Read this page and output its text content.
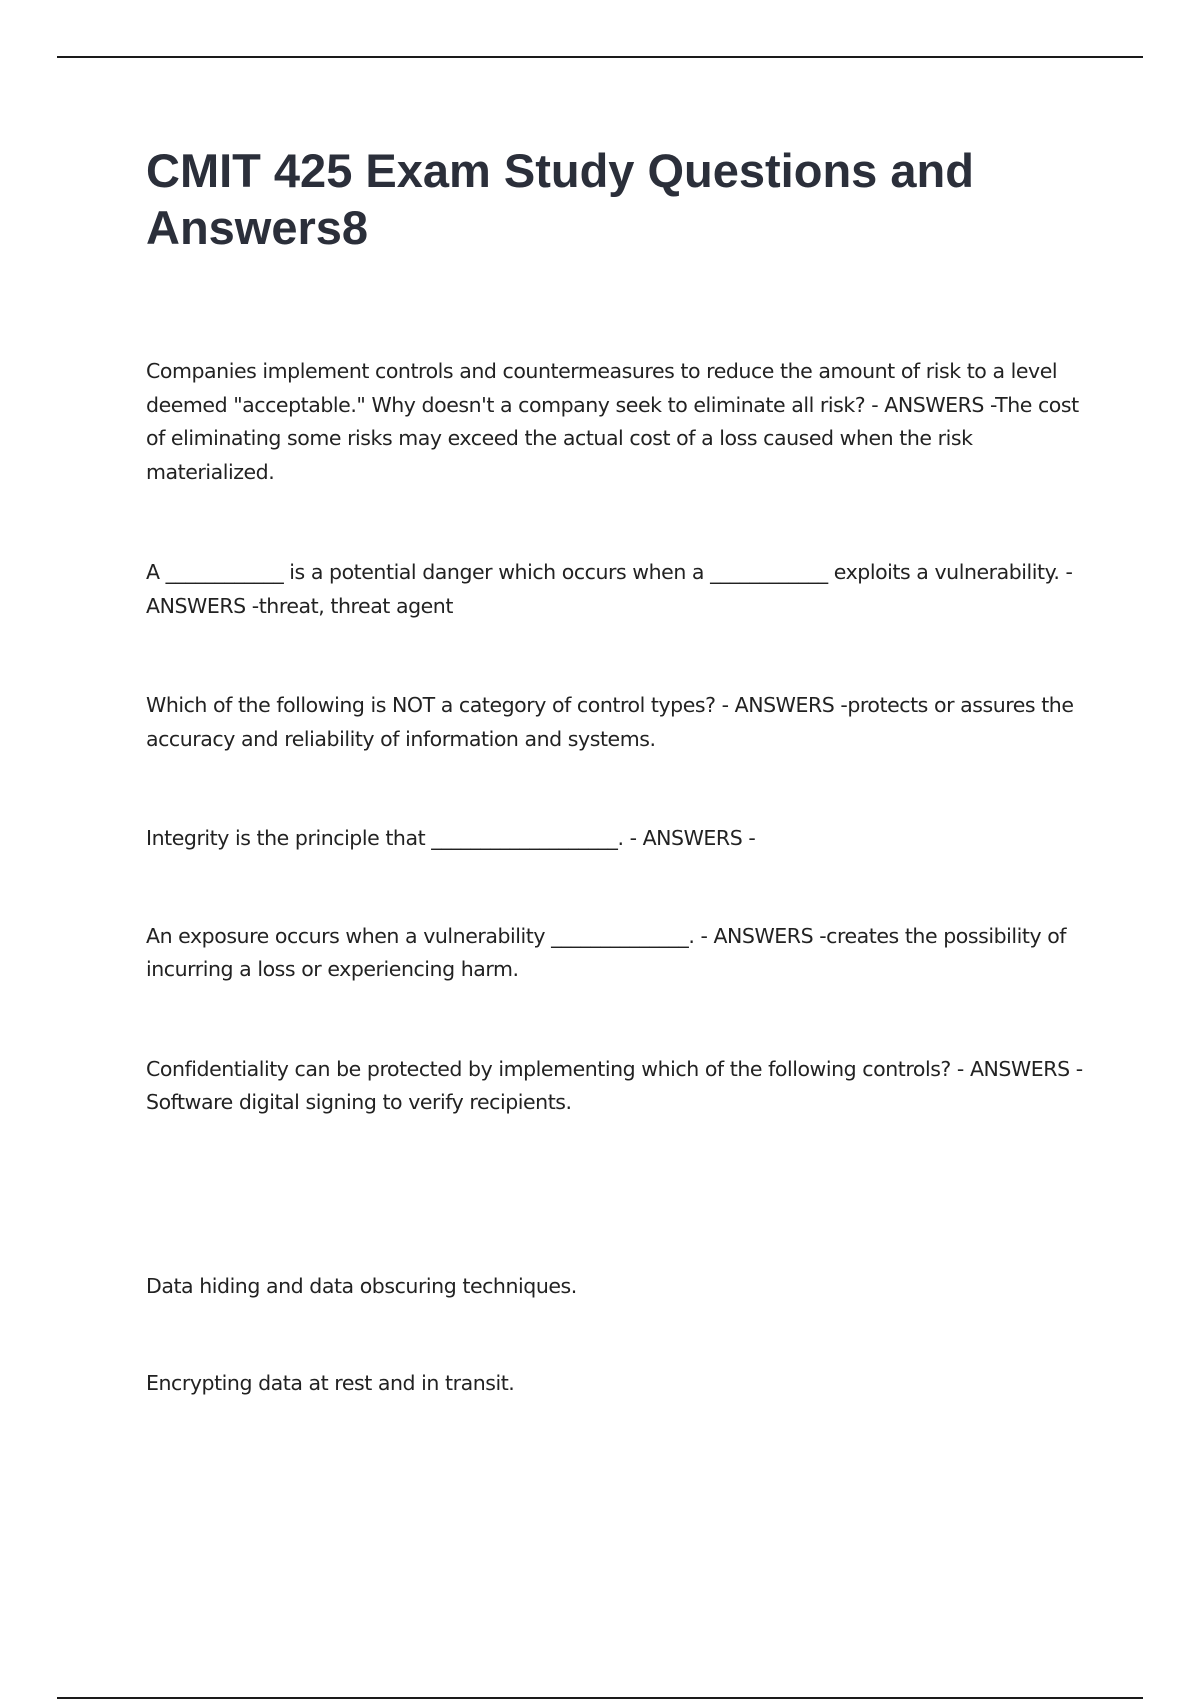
CMIT 425 Exam Study Questions and Answers8

Companies implement controls and countermeasures to reduce the amount of risk to a level deemed "acceptable." Why doesn't a company seek to eliminate all risk? - ANSWERS -The cost of eliminating some risks may exceed the actual cost of a loss caused when the risk materialized.

A ____________ is a potential danger which occurs when a ____________ exploits a vulnerability. - ANSWERS -threat, threat agent

Which of the following is NOT a category of control types? - ANSWERS -protects or assures the accuracy and reliability of information and systems.

Integrity is the principle that ___________________. - ANSWERS -

An exposure occurs when a vulnerability ______________. - ANSWERS -creates the possibility of incurring a loss or experiencing harm.

Confidentiality can be protected by implementing which of the following controls? - ANSWERS - Software digital signing to verify recipients.

Data hiding and data obscuring techniques.

Encrypting data at rest and in transit.
